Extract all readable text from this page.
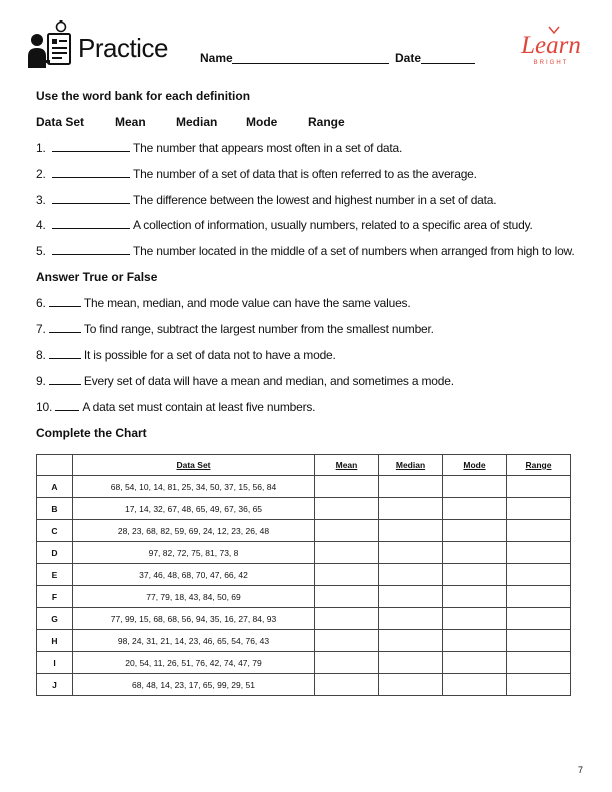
Practice	Name	Date	Learn
BRIGHT
Use the word bank for each definition
Data Set	Mean	Median Mode	Range
1.	The number that appears most often in a set of data.
2.	The number of a set of data that is often referred to as the average.
3.	The difference between the lowest and highest number in a set of data.
4.	A collection of information, usually numbers, related to a specific area of study.
5.	The number located in the middle of a set of numbers when arranged from high to low.
Answer True or False
6.	The mean, median, and mode value can have the same values.
7.	To find range, subtract the largest number from the smallest number.
8.	It is possible for a set of data not to have a mode.
9.	Every set of data will have a mean and median, and sometimes a mode.
10.	A data set must contain at least five numbers.
Complete the Chart
	Data Set	Mean	Median	Mode	Range
A	68, 54, 10, 14, 81, 25, 34, 50, 37, 15, 56, 84				
B	17, 14, 32, 67, 48, 65, 49, 67, 36, 65				
C	28, 23, 68, 82, 59, 69, 24, 12, 23, 26, 48				
D	97, 82, 72, 75, 81, 73, 8				
E	37, 46, 48, 68, 70, 47, 66, 42				
F	77, 79, 18, 43, 84, 50, 69				
G	77, 99, 15, 68, 68, 56, 94, 35, 16, 27, 84, 93				
H	98, 24, 31, 21, 14, 23, 46, 65, 54, 76, 43				
I	20, 54, 11, 26, 51, 76, 42, 74, 47, 79				
J	68, 48, 14, 23, 17, 65, 99, 29, 51				
7
